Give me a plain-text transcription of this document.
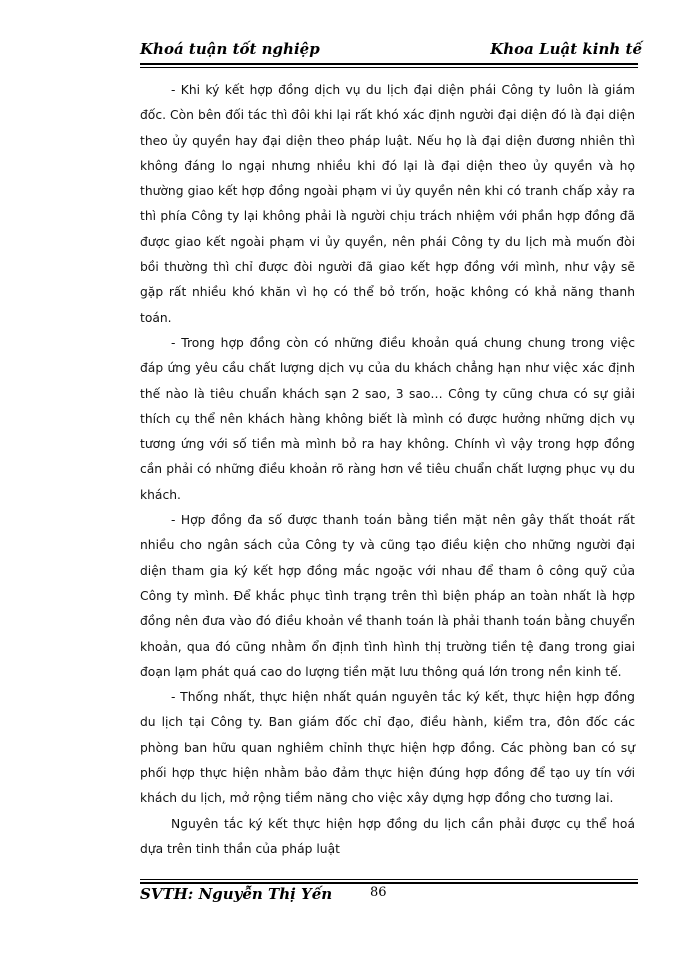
Khoá tuận tốt nghiệp	Khoa Luật kinh tế

- Khi ký kết hợp đồng dịch vụ du lịch đại diện phái Công ty luôn là giám đốc. Còn bên đối tác thì đôi khi lại rất khó xác định người đại diện đó là đại diện theo ủy quyền hay đại diện theo pháp luật. Nếu họ là đại diện đương nhiên thì không đáng lo ngại nhưng nhiều khi đó lại là đại diện theo ủy quyền và họ thường giao kết hợp đồng ngoài phạm vi ủy quyền nên khi có tranh chấp xảy ra thì phía Công ty lại không phải là người chịu trách nhiệm với phần hợp đồng đã được giao kết ngoài phạm vi ủy quyền, nên phái Công ty du lịch mà muốn đòi bồi thường thì chỉ được đòi người đã giao kết hợp đồng với mình, như vậy sẽ gặp rất nhiều khó khăn vì họ có thể bỏ trốn, hoặc không có khả năng thanh toán.

- Trong hợp đồng còn có những điều khoản quá chung chung trong việc đáp ứng yêu cầu chất lượng dịch vụ của du khách chẳng hạn như việc xác định thế nào là tiêu chuẩn khách sạn 2 sao, 3 sao… Công ty cũng chưa có sự giải thích cụ thể nên khách hàng không biết là mình có được hưởng những dịch vụ tương ứng với số tiền mà mình bỏ ra hay không. Chính vì vậy trong hợp đồng cần phải có những điều khoản rõ ràng hơn về tiêu chuẩn chất lượng phục vụ du khách.

- Hợp đồng đa số được thanh toán bằng tiền mặt nên gây thất thoát rất nhiều cho ngân sách của Công ty và cũng tạo điều kiện cho những người đại diện tham gia ký kết hợp đồng mắc ngoặc với nhau để tham ô công quỹ của Công ty mình. Để khắc phục tình trạng trên thì biện pháp an toàn nhất là hợp đồng nên đưa vào đó điều khoản về thanh toán là phải thanh toán bằng chuyển khoản, qua đó cũng nhằm ổn định tình hình thị trường tiền tệ đang trong giai đoạn lạm phát quá cao do lượng tiền mặt lưu thông quá lớn trong nền kinh tế.

- Thống nhất, thực hiện nhất quán nguyên tắc ký kết, thực hiện hợp đồng du lịch tại Công ty. Ban giám đốc chỉ đạo, điều hành, kiểm tra, đôn đốc các phòng ban hữu quan nghiêm chỉnh thực hiện hợp đồng. Các phòng ban có sự phối hợp thực hiện nhằm bảo đảm thực hiện đúng hợp đồng để tạo uy tín với khách du lịch, mở rộng tiềm năng cho việc xây dựng hợp đồng cho tương lai.

Nguyên tắc ký kết thực hiện hợp đồng du lịch cần phải được cụ thể hoá dựa trên tinh thần của pháp luật

SVTH: Nguyễn Thị Yến	86
